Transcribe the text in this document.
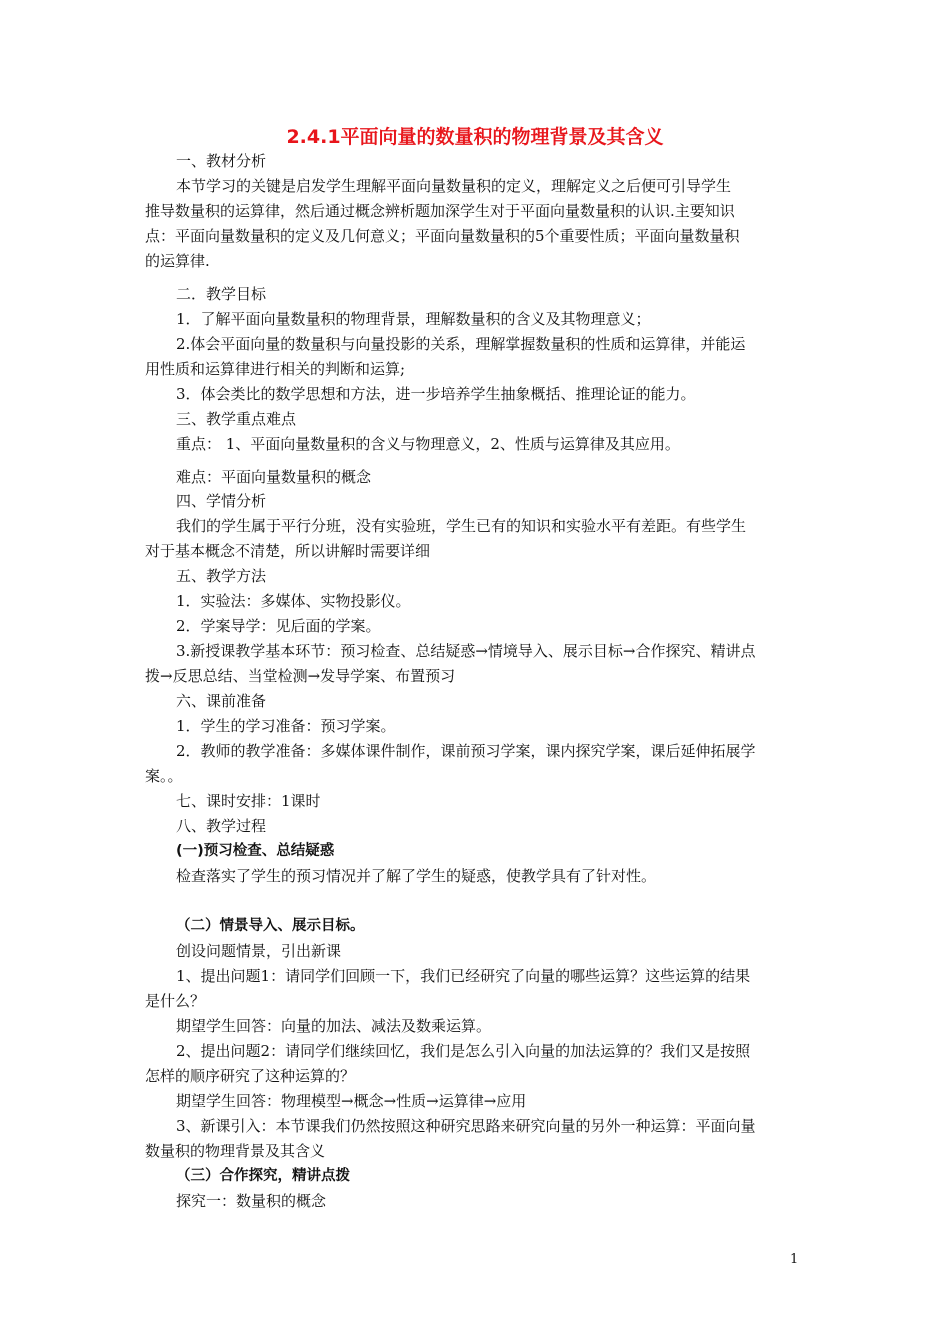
2.4.1平面向量的数量积的物理背景及其含义

一、教材分析

本节学习的关键是启发学生理解平面向量数量积的定义，理解定义之后便可引导学生

推导数量积的运算律，然后通过概念辨析题加深学生对于平面向量数量积的认识.主要知识

点：平面向量数量积的定义及几何意义；平面向量数量积的5个重要性质；平面向量数量积

的运算律.

二．教学目标

1．了解平面向量数量积的物理背景，理解数量积的含义及其物理意义；

2.体会平面向量的数量积与向量投影的关系，理解掌握数量积的性质和运算律，并能运

用性质和运算律进行相关的判断和运算;

3．体会类比的数学思想和方法，进一步培养学生抽象概括、推理论证的能力。

三、教学重点难点

重点： 1、平面向量数量积的含义与物理意义，2、性质与运算律及其应用。

难点：平面向量数量积的概念

四、学情分析

我们的学生属于平行分班，没有实验班，学生已有的知识和实验水平有差距。有些学生

对于基本概念不清楚，所以讲解时需要详细

五、教学方法

1．实验法：多媒体、实物投影仪。

2．学案导学：见后面的学案。

3.新授课教学基本环节：预习检查、总结疑惑→情境导入、展示目标→合作探究、精讲点

拨→反思总结、当堂检测→发导学案、布置预习

六、课前准备

1．学生的学习准备：预习学案。

2．教师的教学准备：多媒体课件制作，课前预习学案，课内探究学案，课后延伸拓展学

案。。

七、课时安排：1课时

八、教学过程

(一)预习检查、总结疑惑

检查落实了学生的预习情况并了解了学生的疑惑，使教学具有了针对性。

（二）情景导入、展示目标。

创设问题情景，引出新课

1、提出问题1：请同学们回顾一下，我们已经研究了向量的哪些运算？这些运算的结果

是什么？

期望学生回答：向量的加法、减法及数乘运算。

2、提出问题2：请同学们继续回忆，我们是怎么引入向量的加法运算的？我们又是按照

怎样的顺序研究了这种运算的？

期望学生回答：物理模型→概念→性质→运算律→应用

3、新课引入：本节课我们仍然按照这种研究思路来研究向量的另外一种运算：平面向量

数量积的物理背景及其含义

（三）合作探究，精讲点拨

探究一：数量积的概念

1
